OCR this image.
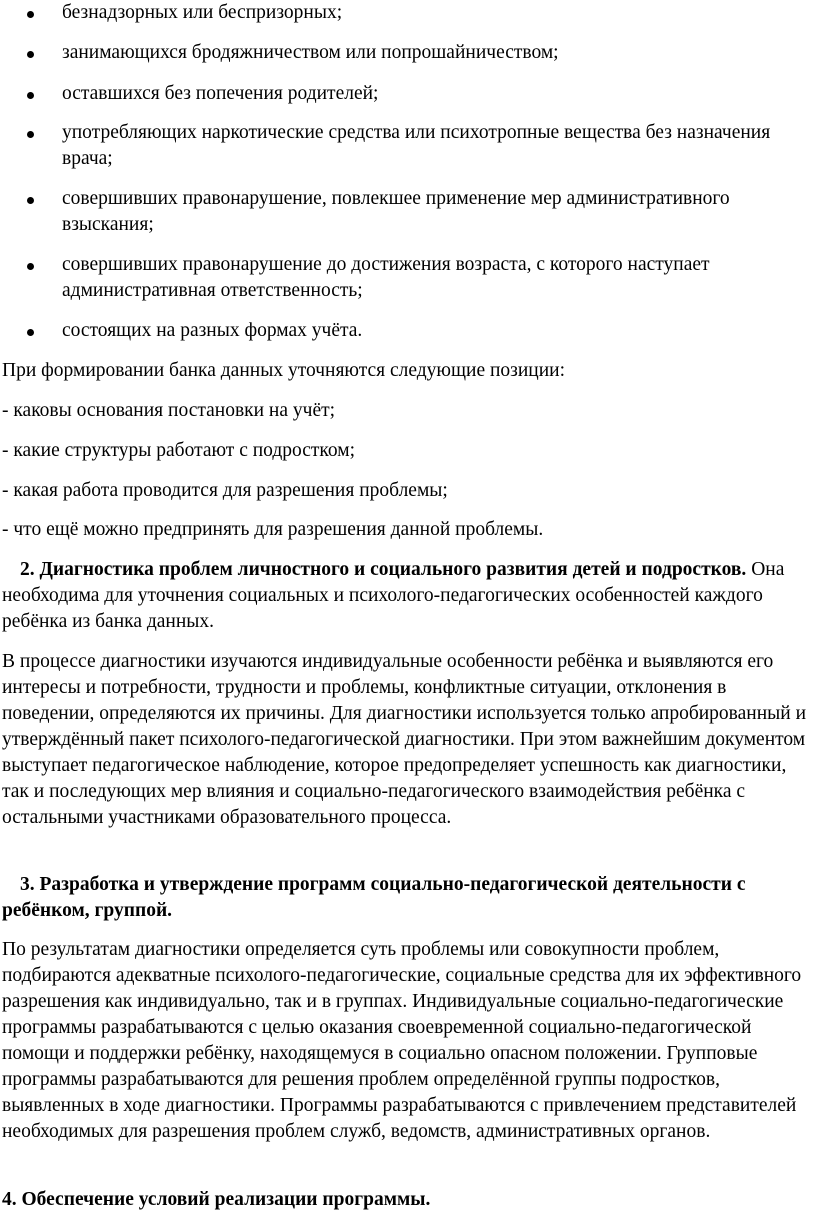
безнадзорных или беспризорных;
занимающихся бродяжничеством или попрошайничеством;
оставшихся без попечения родителей;
употребляющих наркотические средства или психотропные вещества без назначения врача;
совершивших правонарушение, повлекшее применение мер административного взыскания;
совершивших правонарушение до достижения возраста, с которого наступает административная ответственность;
состоящих на разных формах учёта.

При формировании банка данных уточняются следующие позиции:

- каковы основания постановки на учёт;

- какие структуры работают с подростком;

- какая работа проводится для разрешения проблемы;

- что ещё можно предпринять для разрешения данной проблемы.

2. Диагностика проблем личностного и социального развития детей и подростков. Она необходима для уточнения социальных и психолого-педагогических особенностей каждого ребёнка из банка данных.

В процессе диагностики изучаются индивидуальные особенности ребёнка и выявляются его интересы и потребности, трудности и проблемы, конфликтные ситуации, отклонения в поведении, определяются их причины. Для диагностики используется только апробированный и утверждённый пакет психолого-педагогической диагностики. При этом важнейшим документом выступает педагогическое наблюдение, которое предопределяет успешность как диагностики, так и последующих мер влияния и социально-педагогического взаимодействия ребёнка с остальными участниками образовательного процесса.

3. Разработка и утверждение программ социально-педагогической деятельности с ребёнком, группой.

По результатам диагностики определяется суть проблемы или совокупности проблем, подбираются адекватные психолого-педагогические, социальные средства для их эффективного разрешения как индивидуально, так и в группах. Индивидуальные социально-педагогические программы разрабатываются с целью оказания своевременной социально-педагогической помощи и поддержки ребёнку, находящемуся в социально опасном положении. Групповые программы разрабатываются для решения проблем определённой группы подростков, выявленных в ходе диагностики. Программы разрабатываются с привлечением представителей необходимых для разрешения проблем служб, ведомств, административных органов.

4. Обеспечение условий реализации программы.
